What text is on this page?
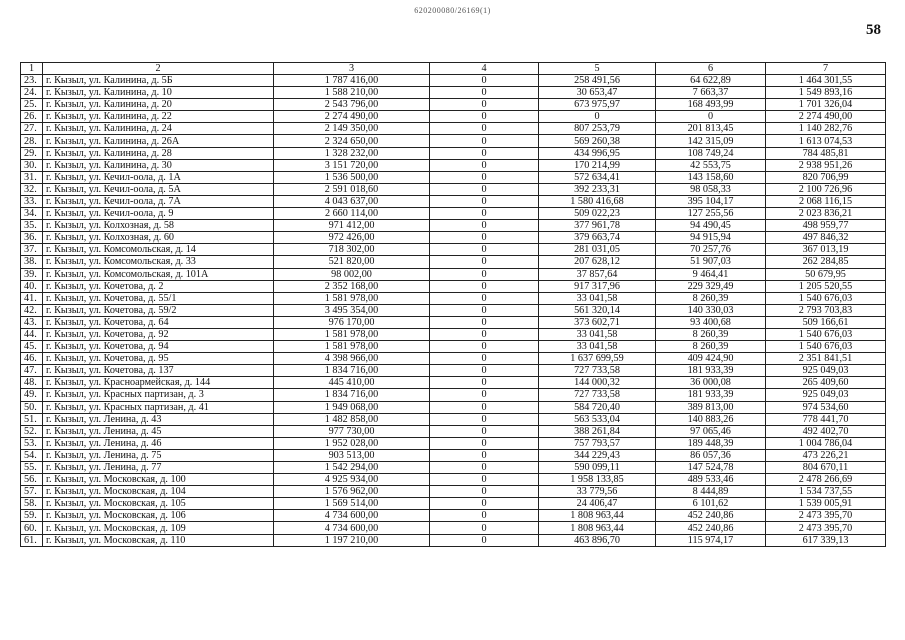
620200080/26169(1)
58
1	2	3	4	5	6	7
23.	г. Кызыл, ул. Калинина, д. 5Б	1 787 416,00	0	258 491,56	64 622,89	1 464 301,55
24.	г. Кызыл, ул. Калинина, д. 10	1 588 210,00	0	30 653,47	7 663,37	1 549 893,16
25.	г. Кызыл, ул. Калинина, д. 20	2 543 796,00	0	673 975,97	168 493,99	1 701 326,04
26.	г. Кызыл, ул. Калинина, д. 22	2 274 490,00	0	0	0	2 274 490,00
27.	г. Кызыл, ул. Калинина, д. 24	2 149 350,00	0	807 253,79	201 813,45	1 140 282,76
28.	г. Кызыл, ул. Калинина, д. 26А	2 324 650,00	0	569 260,38	142 315,09	1 613 074,53
29.	г. Кызыл, ул. Калинина, д. 28	1 328 232,00	0	434 996,95	108 749,24	784 485,81
30.	г. Кызыл, ул. Калинина, д. 30	3 151 720,00	0	170 214,99	42 553,75	2 938 951,26
31.	г. Кызыл, ул. Кечил-оола, д. 1А	1 536 500,00	0	572 634,41	143 158,60	820 706,99
32.	г. Кызыл, ул. Кечил-оола, д. 5А	2 591 018,60	0	392 233,31	98 058,33	2 100 726,96
33.	г. Кызыл, ул. Кечил-оола, д. 7А	4 043 637,00	0	1 580 416,68	395 104,17	2 068 116,15
34.	г. Кызыл, ул. Кечил-оола, д. 9	2 660 114,00	0	509 022,23	127 255,56	2 023 836,21
35.	г. Кызыл, ул. Колхозная, д. 58	971 412,00	0	377 961,78	94 490,45	498 959,77
36.	г. Кызыл, ул. Колхозная, д. 60	972 426,00	0	379 663,74	94 915,94	497 846,32
37.	г. Кызыл, ул. Комсомольская, д. 14	718 302,00	0	281 031,05	70 257,76	367 013,19
38.	г. Кызыл, ул. Комсомольская, д. 33	521 820,00	0	207 628,12	51 907,03	262 284,85
39.	г. Кызыл, ул. Комсомольская, д. 101А	98 002,00	0	37 857,64	9 464,41	50 679,95
40.	г. Кызыл, ул. Кочетова, д. 2	2 352 168,00	0	917 317,96	229 329,49	1 205 520,55
41.	г. Кызыл, ул. Кочетова, д. 55/1	1 581 978,00	0	33 041,58	8 260,39	1 540 676,03
42.	г. Кызыл, ул. Кочетова, д. 59/2	3 495 354,00	0	561 320,14	140 330,03	2 793 703,83
43.	г. Кызыл, ул. Кочетова, д. 64	976 170,00	0	373 602,71	93 400,68	509 166,61
44.	г. Кызыл, ул. Кочетова, д. 92	1 581 978,00	0	33 041,58	8 260,39	1 540 676,03
45.	г. Кызыл, ул. Кочетова, д. 94	1 581 978,00	0	33 041,58	8 260,39	1 540 676,03
46.	г. Кызыл, ул. Кочетова, д. 95	4 398 966,00	0	1 637 699,59	409 424,90	2 351 841,51
47.	г. Кызыл, ул. Кочетова, д. 137	1 834 716,00	0	727 733,58	181 933,39	925 049,03
48.	г. Кызыл, ул. Красноармейская, д. 144	445 410,00	0	144 000,32	36 000,08	265 409,60
49.	г. Кызыл, ул. Красных партизан, д. 3	1 834 716,00	0	727 733,58	181 933,39	925 049,03
50.	г. Кызыл, ул. Красных партизан, д. 41	1 949 068,00	0	584 720,40	389 813,00	974 534,60
51.	г. Кызыл, ул. Ленина, д. 43	1 482 858,00	0	563 533,04	140 883,26	778 441,70
52.	г. Кызыл, ул. Ленина, д. 45	977 730,00	0	388 261,84	97 065,46	492 402,70
53.	г. Кызыл, ул. Ленина, д. 46	1 952 028,00	0	757 793,57	189 448,39	1 004 786,04
54.	г. Кызыл, ул. Ленина, д. 75	903 513,00	0	344 229,43	86 057,36	473 226,21
55.	г. Кызыл, ул. Ленина, д. 77	1 542 294,00	0	590 099,11	147 524,78	804 670,11
56.	г. Кызыл, ул. Московская, д. 100	4 925 934,00	0	1 958 133,85	489 533,46	2 478 266,69
57.	г. Кызыл, ул. Московская, д. 104	1 576 962,00	0	33 779,56	8 444,89	1 534 737,55
58.	г. Кызыл, ул. Московская, д. 105	1 569 514,00	0	24 406,47	6 101,62	1 539 005,91
59.	г. Кызыл, ул. Московская, д. 106	4 734 600,00	0	1 808 963,44	452 240,86	2 473 395,70
60.	г. Кызыл, ул. Московская, д. 109	4 734 600,00	0	1 808 963,44	452 240,86	2 473 395,70
61.	г. Кызыл, ул. Московская, д. 110	1 197 210,00	0	463 896,70	115 974,17	617 339,13
